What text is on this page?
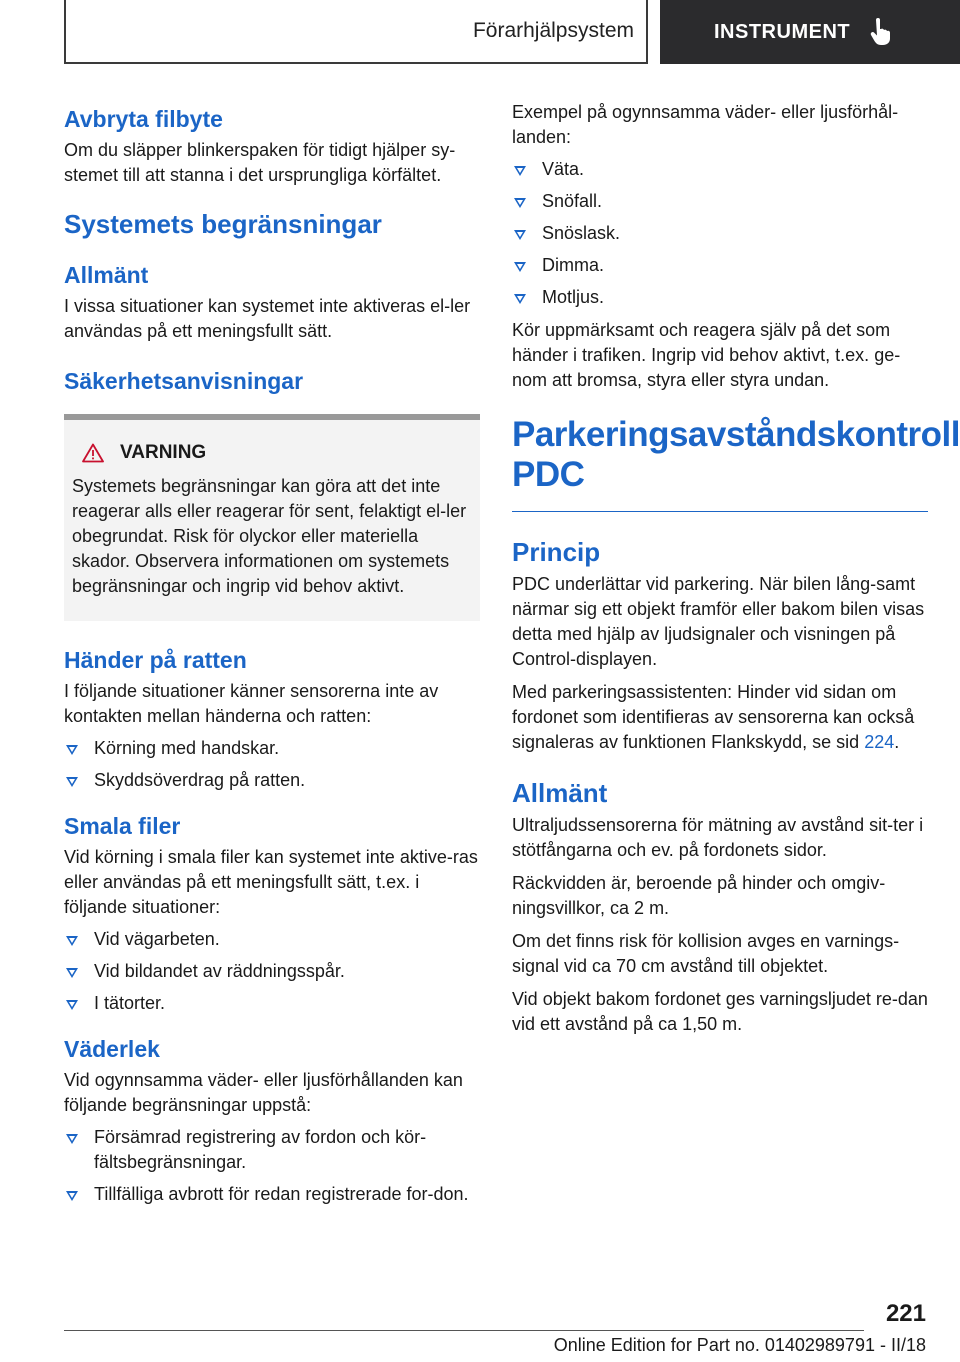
Förarhjälpsystem	INSTRUMENT
Avbryta filbyte

Om du släpper blinkerspaken för tidigt hjälper sy-stemet till att stanna i det ursprungliga körfältet.

Systemets begränsningar
Allmänt

I vissa situationer kan systemet inte aktiveras el-ler användas på ett meningsfullt sätt.

Säkerhetsanvisningar
VARNING

Systemets begränsningar kan göra att det inte reagerar alls eller reagerar för sent, felaktigt el-ler obegrundat. Risk för olyckor eller materiella skador. Observera informationen om systemets begränsningar och ingrip vid behov aktivt.

Händer på ratten

I följande situationer känner sensorerna inte av kontakten mellan händerna och ratten:

Körning med handskar.
Skyddsöverdrag på ratten.
Smala filer

Vid körning i smala filer kan systemet inte aktive-ras eller användas på ett meningsfullt sätt, t.ex. i följande situationer:

Vid vägarbeten.
Vid bildandet av räddningsspår.
I tätorter.
Väderlek

Vid ogynnsamma väder- eller ljusförhållanden kan följande begränsningar uppstå:

Försämrad registrering av fordon och kör-fältsbegränsningar.
Tillfälliga avbrott för redan registrerade for-don.

Exempel på ogynnsamma väder- eller ljusförhål-landen:

Väta.
Snöfall.
Snöslask.
Dimma.
Motljus.

Kör uppmärksamt och reagera själv på det som händer i trafiken. Ingrip vid behov aktivt, t.ex. ge-nom att bromsa, styra eller styra undan.

Parkeringsavståndskontroll
PDC
Princip

PDC underlättar vid parkering. När bilen lång-samt närmar sig ett objekt framför eller bakom bilen visas detta med hjälp av ljudsignaler och visningen på Control-displayen.

Med parkeringsassistenten: Hinder vid sidan om fordonet som identifieras av sensorerna kan också signaleras av funktionen Flankskydd, se sid 224.

Allmänt

Ultraljudssensorerna för mätning av avstånd sit-ter i stötfångarna och ev. på fordonets sidor.

Räckvidden är, beroende på hinder och omgiv-ningsvillkor, ca 2 m.

Om det finns risk för kollision avges en varnings-signal vid ca 70 cm avstånd till objektet.

Vid objekt bakom fordonet ges varningsljudet re-dan vid ett avstånd på ca 1,50 m.

221
Online Edition for Part no. 01402989791 - II/18
